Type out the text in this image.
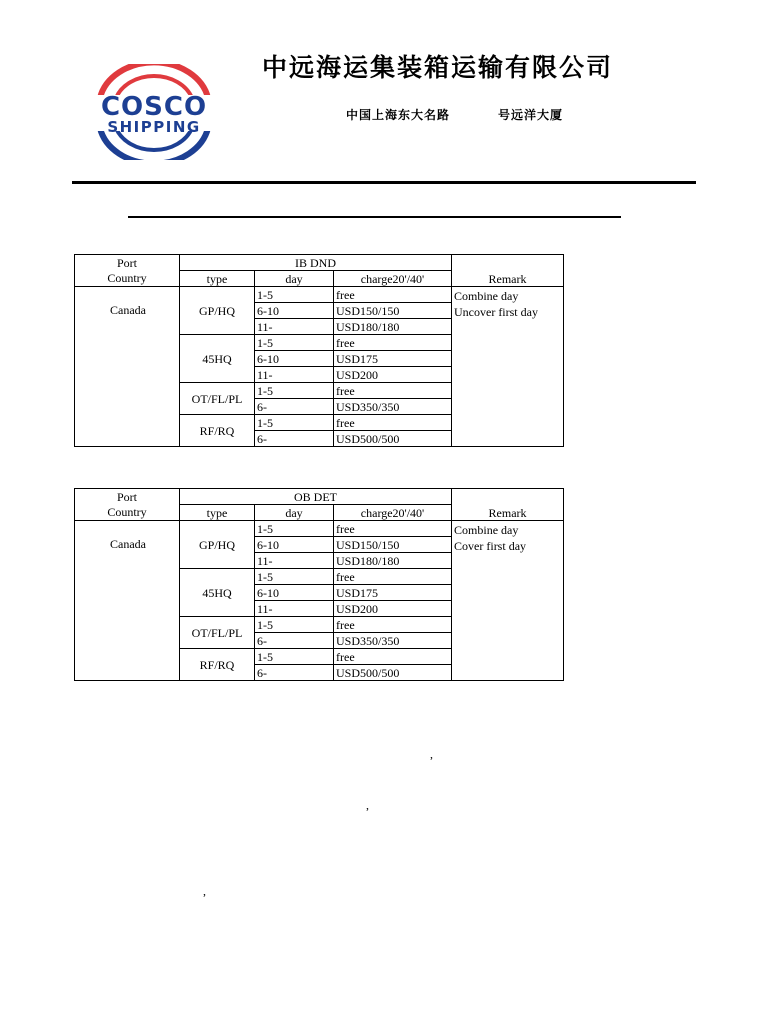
COSCO
SHIPPING
中远海运集装箱运输有限公司
中国上海东大名路	号远洋大厦
Port
Country	IB DND			Remark
	type	day	charge20'/40'	
Canada	GP/HQ	1-5	free	Combine day
Uncover first day

		6-10	USD150/150	
		11-	USD180/180	
	45HQ	1-5	free	
		6-10	USD175	
		11-	USD200	
	OT/FL/PL	1-5	free	
		6-	USD350/350	
	RF/RQ	1-5	free	
		6-	USD500/500	
Port
Country	OB DET			Remark
	type	day	charge20'/40'	
Canada	GP/HQ	1-5	free	Combine day
Cover first day

		6-10	USD150/150	
		11-	USD180/180	
	45HQ	1-5	free	
		6-10	USD175	
		11-	USD200	
	OT/FL/PL	1-5	free	
		6-	USD350/350	
	RF/RQ	1-5	free	
		6-	USD500/500	
,
,
,
